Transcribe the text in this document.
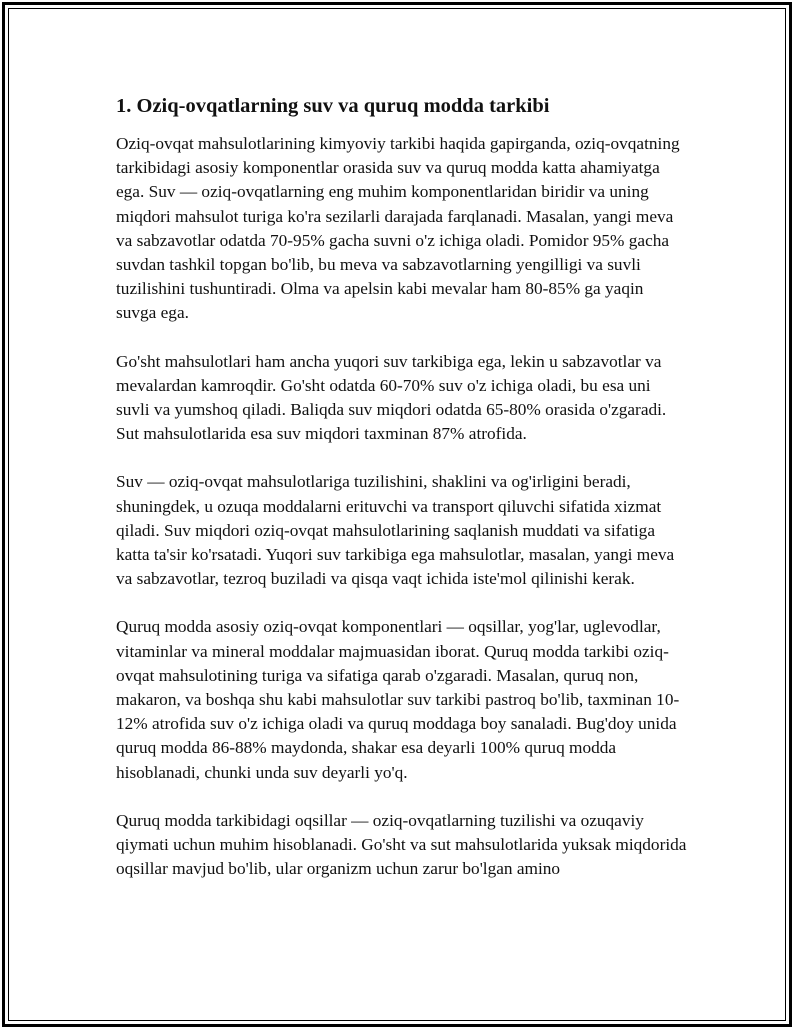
1. Oziq-ovqatlarning suv va quruq modda tarkibi

Oziq-ovqat mahsulotlarining kimyoviy tarkibi haqida gapirganda, oziq-ovqatning tarkibidagi asosiy komponentlar orasida suv va quruq modda katta ahamiyatga ega. Suv — oziq-ovqatlarning eng muhim komponentlaridan biridir va uning miqdori mahsulot turiga ko'ra sezilarli darajada farqlanadi. Masalan, yangi meva va sabzavotlar odatda 70-95% gacha suvni o'z ichiga oladi. Pomidor 95% gacha suvdan tashkil topgan bo'lib, bu meva va sabzavotlarning yengilligi va suvli tuzilishini tushuntiradi. Olma va apelsin kabi mevalar ham 80-85% ga yaqin suvga ega.

Go'sht mahsulotlari ham ancha yuqori suv tarkibiga ega, lekin u sabzavotlar va mevalardan kamroqdir. Go'sht odatda 60-70% suv o'z ichiga oladi, bu esa uni suvli va yumshoq qiladi. Baliqda suv miqdori odatda 65-80% orasida o'zgaradi. Sut mahsulotlarida esa suv miqdori taxminan 87% atrofida.

Suv — oziq-ovqat mahsulotlariga tuzilishini, shaklini va og'irligini beradi, shuningdek, u ozuqa moddalarni erituvchi va transport qiluvchi sifatida xizmat qiladi. Suv miqdori oziq-ovqat mahsulotlarining saqlanish muddati va sifatiga katta ta'sir ko'rsatadi. Yuqori suv tarkibiga ega mahsulotlar, masalan, yangi meva va sabzavotlar, tezroq buziladi va qisqa vaqt ichida iste'mol qilinishi kerak.

Quruq modda asosiy oziq-ovqat komponentlari — oqsillar, yog'lar, uglevodlar, vitaminlar va mineral moddalar majmuasidan iborat. Quruq modda tarkibi oziq-ovqat mahsulotining turiga va sifatiga qarab o'zgaradi. Masalan, quruq non, makaron, va boshqa shu kabi mahsulotlar suv tarkibi pastroq bo'lib, taxminan 10-12% atrofida suv o'z ichiga oladi va quruq moddaga boy sanaladi. Bug'doy unida quruq modda 86-88% maydonda, shakar esa deyarli 100% quruq modda hisoblanadi, chunki unda suv deyarli yo'q.

Quruq modda tarkibidagi oqsillar — oziq-ovqatlarning tuzilishi va ozuqaviy qiymati uchun muhim hisoblanadi. Go'sht va sut mahsulotlarida yuksak miqdorida oqsillar mavjud bo'lib, ular organizm uchun zarur bo'lgan amino
